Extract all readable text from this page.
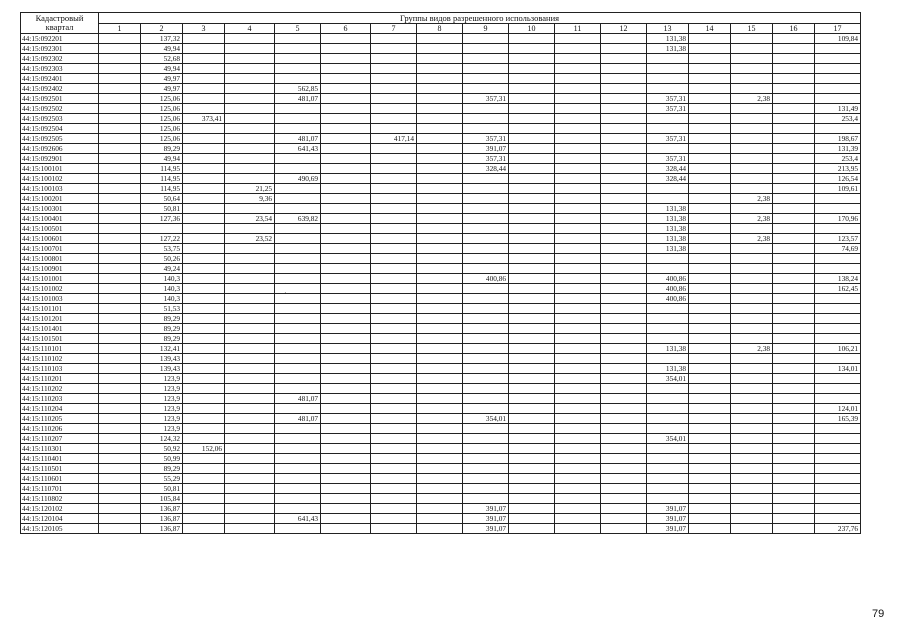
Кадастровый
квартал	Группы видов разрешенного использования																
	1	2	3	4	5	6	7	8	9	10	11	12	13	14	15	16	17
44:15:092201		137,32											131,38				109,84
44:15:092301		49,94											131,38				
44:15:092302		52,68															
44:15:092303		49,94															
44:15:092401		49,97															
44:15:092402		49,97			562,85												
44:15:092501		125,06			481,07				357,31				357,31		2,38		
44:15:092502		125,06											357,31				131,49
44:15:092503		125,06	373,41														253,4
44:15:092504		125,06															
44:15:092505		125,06			481,07		417,14		357,31				357,31				198,67
44:15:092606		89,29			641,43				391,07								131,39
44:15:092901		49,94							357,31				357,31				253,4
44:15:100101		114,95							328,44				328,44				213,95
44:15:100102		114,95			490,69								328,44				126,54
44:15:100103		114,95		21,25													109,61
44:15:100201		50,64		9,36											2,38		
44:15:100301		50,81											131,38				
44:15:100401		127,36		23,54	639,82								131,38		2,38		170,96
44:15:100501													131,38				
44:15:100601		127,22		23,52									131,38		2,38		123,57
44:15:100701		53,75											131,38				74,69
44:15:100801		50,26															
44:15:100901		49,24															
44:15:101001		140,3							400,86				400,86				138,24
44:15:101002		140,3											400,86				162,45
44:15:101003		140,3											400,86				
44:15:101101		51,53															
44:15:101201		89,29															
44:15:101401		89,29															
44:15:101501		89,29															
44:15:110101		132,41											131,38		2,38		106,21
44:15:110102		139,43															
44:15:110103		139,43											131,38				134,01
44:15:110201		123,9											354,01				
44:15:110202		123,9															
44:15:110203		123,9			481,07												
44:15:110204		123,9															124,01
44:15:110205		123,9			481,07				354,01								165,39
44:15:110206		123,9															
44:15:110207		124,32											354,01				
44:15:110301		50,92	152,06														
44:15:110401		50,99															
44:15:110501		89,29															
44:15:110601		55,29															
44:15:110701		50,81															
44:15:110802		105,84															
44:15:120102		136,87							391,07				391,07				
44:15:120104		136,87			641,43				391,07				391,07				
44:15:120105		136,87							391,07				391,07				237,76
·
79
